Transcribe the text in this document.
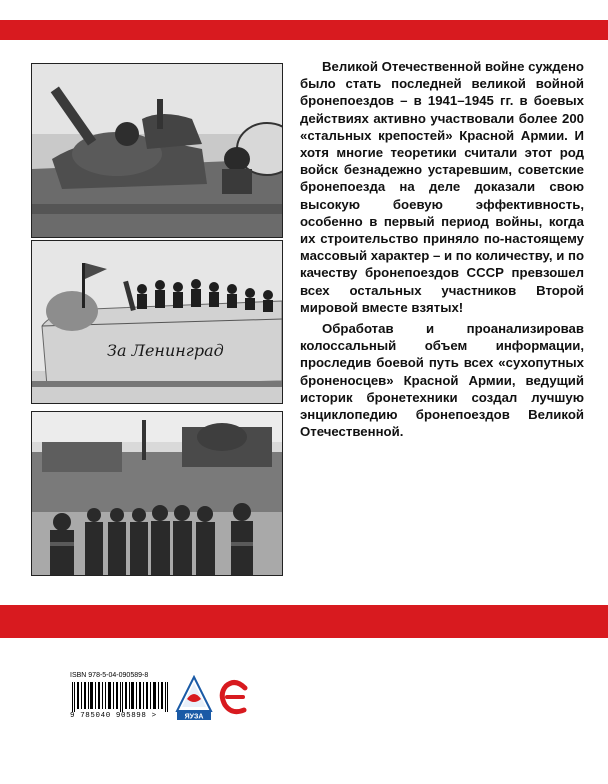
За Ленинград

Великой Отечественной войне суждено было стать последней великой войной бронепоездов – в 1941–1945 гг. в боевых действиях активно участвовали более 200 «стальных крепостей» Красной Армии. И хотя многие теоретики считали этот род войск безнадежно устаревшим, советские бронепоезда на деле доказали свою высокую боевую эффективность, особенно в первый период войны, когда их строительство приняло по-настоящему массовый характер – и по количеству, и по качеству бронепоездов СССР превзошел всех остальных участников Второй мировой вместе взятых!

Обработав и проанализировав колоссальный объем информации, проследив боевой путь всех «сухопутных броненосцев» Красной Армии, ведущий историк бронетехники создал лучшую энциклопедию бронепоездов Великой Отечественной.

ISBN 978-5-04-090589-8
9 785040 905898 >	ЯУЗА
